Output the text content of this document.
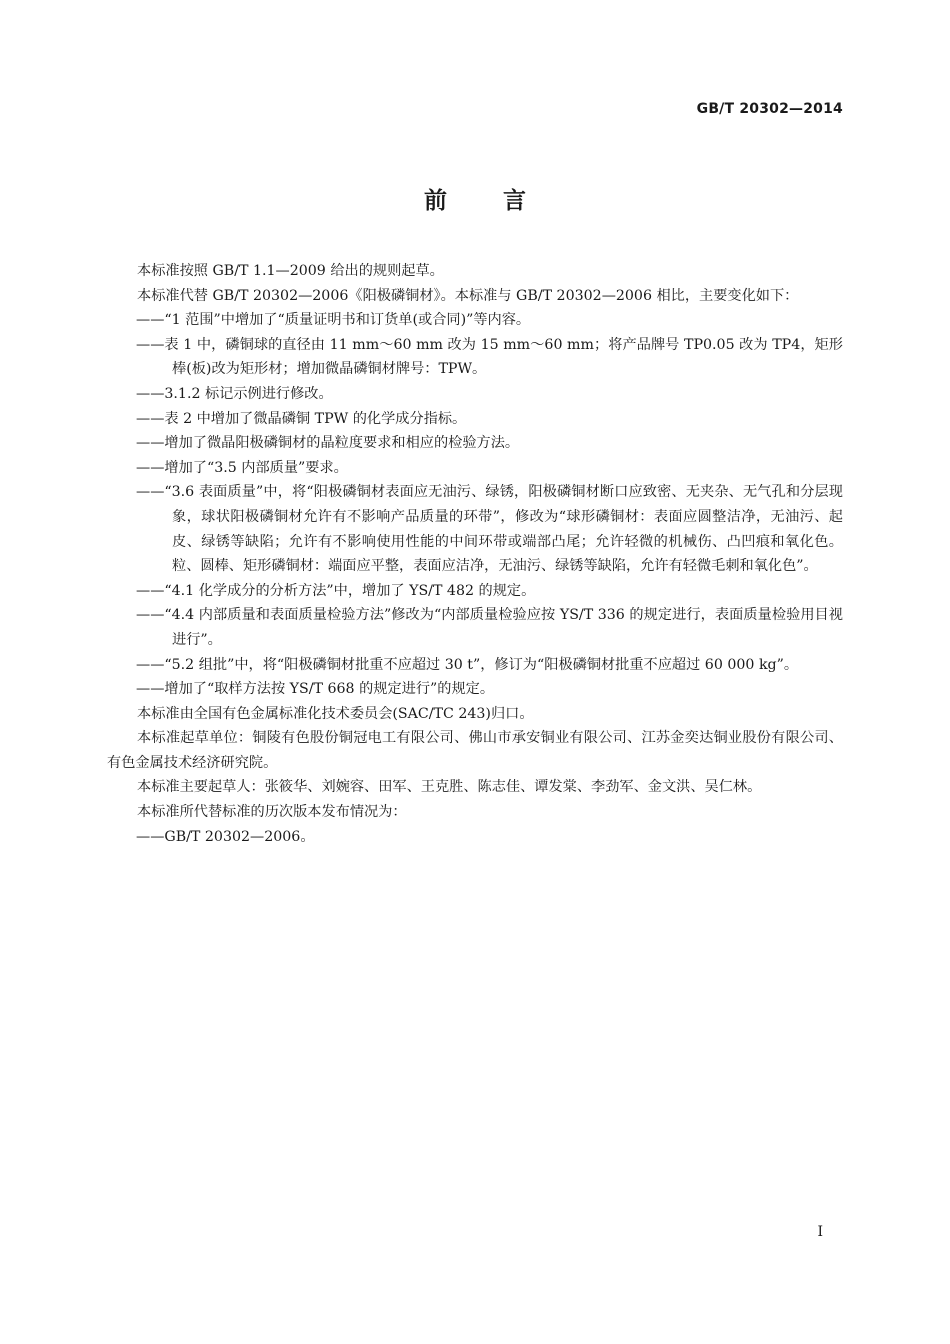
GB/T 20302—2014
前 言

本标准按照 GB/T 1.1—2009 给出的规则起草。

本标准代替 GB/T 20302—2006《阳极磷铜材》。本标准与 GB/T 20302—2006 相比，主要变化如下：

——“1 范围”中增加了“质量证明书和订货单(或合同)”等内容。

——表 1 中，磷铜球的直径由 11 mm～60 mm 改为 15 mm～60 mm；将产品牌号 TP0.05 改为 TP4，矩形棒(板)改为矩形材；增加微晶磷铜材牌号：TPW。

——3.1.2 标记示例进行修改。

——表 2 中增加了微晶磷铜 TPW 的化学成分指标。

——增加了微晶阳极磷铜材的晶粒度要求和相应的检验方法。

——增加了“3.5 内部质量”要求。

——“3.6 表面质量”中，将“阳极磷铜材表面应无油污、绿锈，阳极磷铜材断口应致密、无夹杂、无气孔和分层现象，球状阳极磷铜材允许有不影响产品质量的环带”，修改为“球形磷铜材：表面应圆整洁净，无油污、起皮、绿锈等缺陷；允许有不影响使用性能的中间环带或端部凸尾；允许轻微的机械伤、凸凹痕和氧化色。粒、圆棒、矩形磷铜材：端面应平整，表面应洁净，无油污、绿锈等缺陷，允许有轻微毛刺和氧化色”。

——“4.1 化学成分的分析方法”中，增加了 YS/T 482 的规定。

——“4.4 内部质量和表面质量检验方法”修改为“内部质量检验应按 YS/T 336 的规定进行，表面质量检验用目视进行”。

——“5.2 组批”中，将“阳极磷铜材批重不应超过 30 t”，修订为“阳极磷铜材批重不应超过 60 000 kg”。

——增加了“取样方法按 YS/T 668 的规定进行”的规定。

本标准由全国有色金属标准化技术委员会(SAC/TC 243)归口。

本标准起草单位：铜陵有色股份铜冠电工有限公司、佛山市承安铜业有限公司、江苏金奕达铜业股份有限公司、有色金属技术经济研究院。

本标准主要起草人：张筱华、刘婉容、田军、王克胜、陈志佳、谭发棠、李劲军、金文洪、吴仁林。

本标准所代替标准的历次版本发布情况为：

——GB/T 20302—2006。

I
